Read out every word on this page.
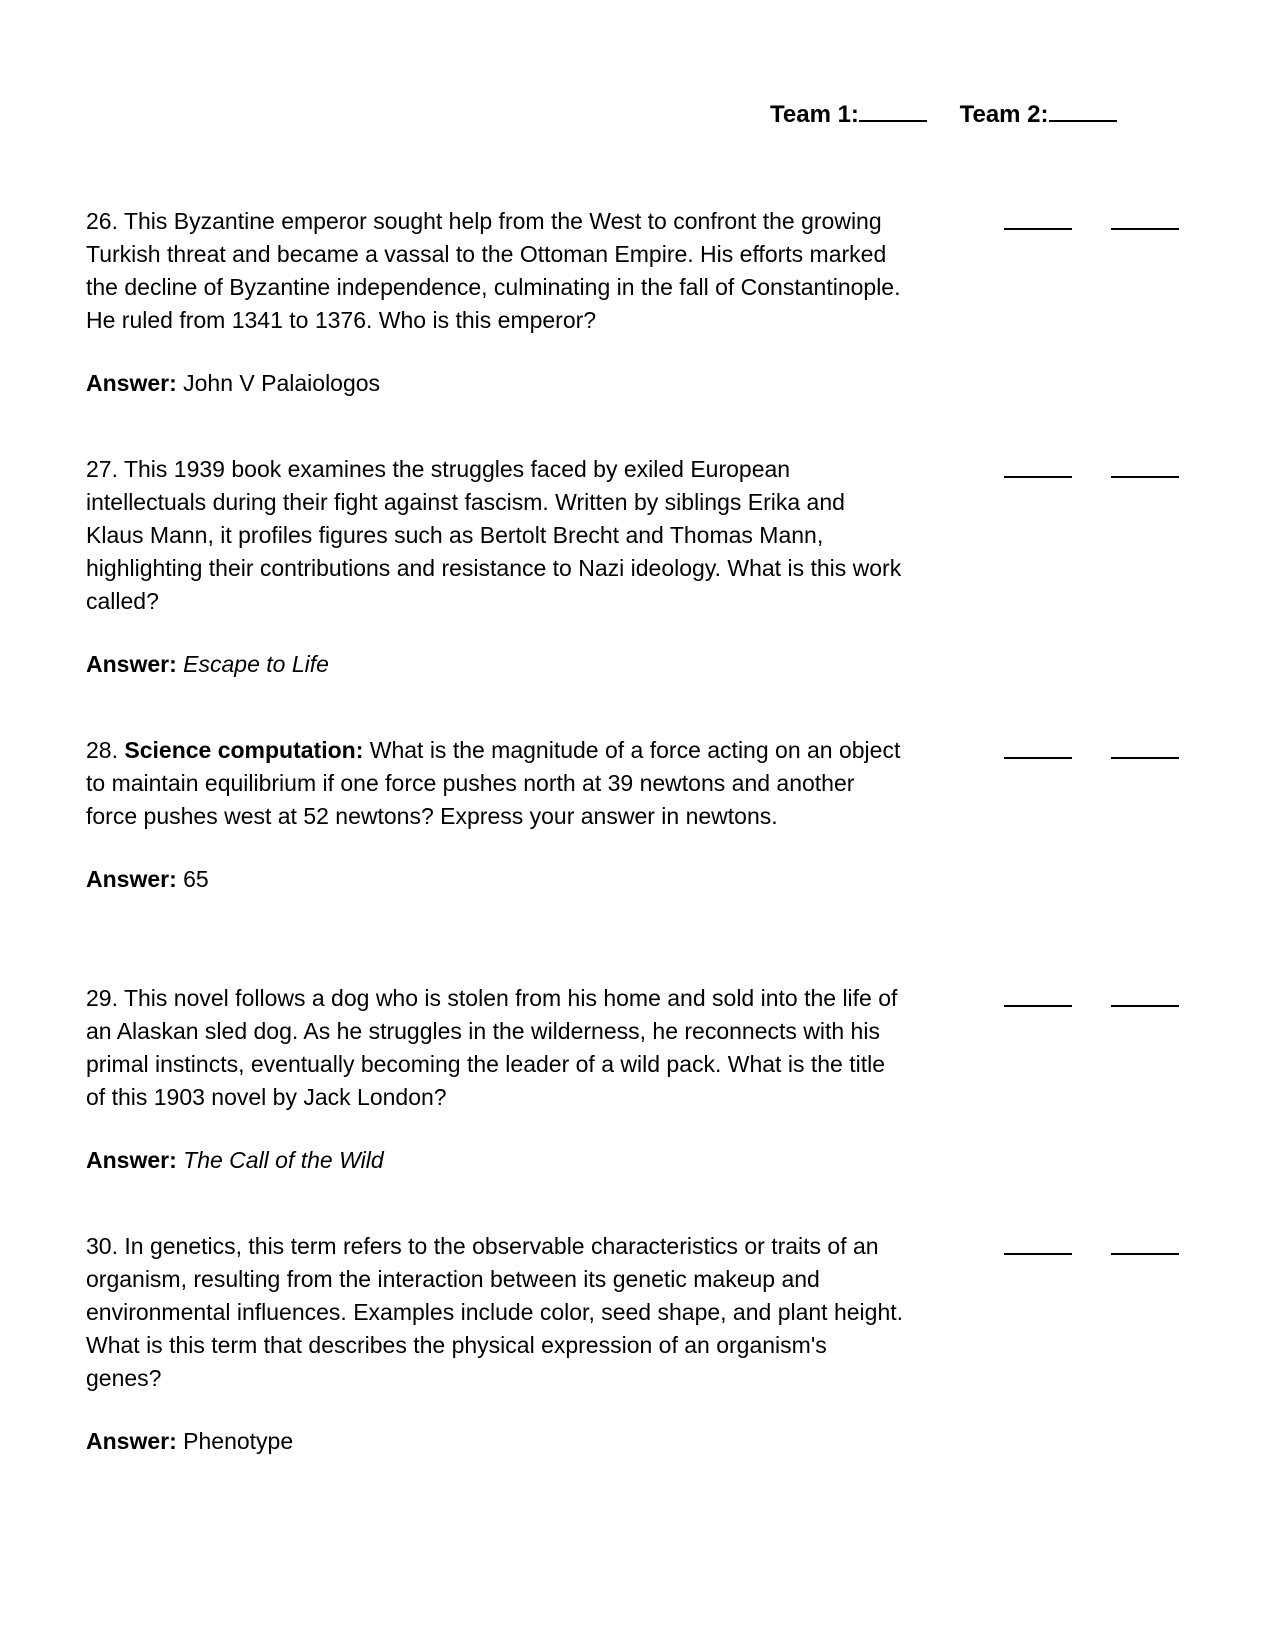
Team 1:	Team 2:

26. This Byzantine emperor sought help from the West to confront the growing Turkish threat and became a vassal to the Ottoman Empire. His efforts marked the decline of Byzantine independence, culminating in the fall of Constantinople. He ruled from 1341 to 1376. Who is this emperor?

Answer: John V Palaiologos

27. This 1939 book examines the struggles faced by exiled European intellectuals during their fight against fascism. Written by siblings Erika and Klaus Mann, it profiles figures such as Bertolt Brecht and Thomas Mann, highlighting their contributions and resistance to Nazi ideology. What is this work called?

Answer: Escape to Life

28. Science computation: What is the magnitude of a force acting on an object to maintain equilibrium if one force pushes north at 39 newtons and another force pushes west at 52 newtons? Express your answer in newtons.

Answer: 65

29. This novel follows a dog who is stolen from his home and sold into the life of an Alaskan sled dog. As he struggles in the wilderness, he reconnects with his primal instincts, eventually becoming the leader of a wild pack. What is the title of this 1903 novel by Jack London?

Answer: The Call of the Wild

30. In genetics, this term refers to the observable characteristics or traits of an organism, resulting from the interaction between its genetic makeup and environmental influences. Examples include color, seed shape, and plant height. What is this term that describes the physical expression of an organism's genes?

Answer: Phenotype
